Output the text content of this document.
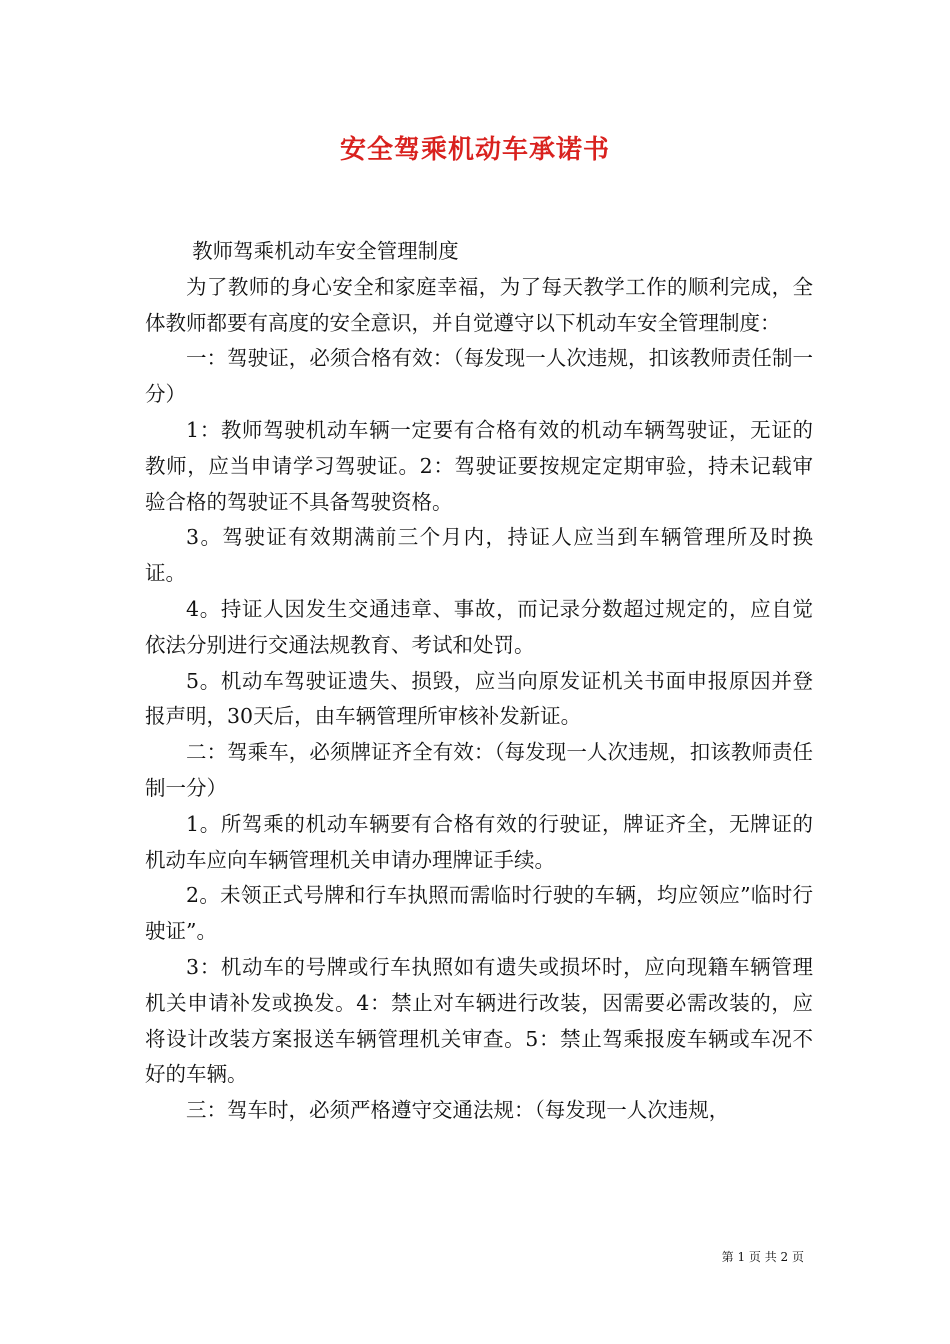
安全驾乘机动车承诺书

教师驾乘机动车安全管理制度

为了教师的身心安全和家庭幸福，为了每天教学工作的顺利完成，全体教师都要有高度的安全意识，并自觉遵守以下机动车安全管理制度：

一：驾驶证，必须合格有效：（每发现一人次违规，扣该教师责任制一分）

1：教师驾驶机动车辆一定要有合格有效的机动车辆驾驶证，无证的教师，应当申请学习驾驶证。2：驾驶证要按规定定期审验，持未记载审验合格的驾驶证不具备驾驶资格。

3。驾驶证有效期满前三个月内，持证人应当到车辆管理所及时换证。

4。持证人因发生交通违章、事故，而记录分数超过规定的，应自觉依法分别进行交通法规教育、考试和处罚。

5。机动车驾驶证遗失、损毁，应当向原发证机关书面申报原因并登报声明，30天后，由车辆管理所审核补发新证。

二：驾乘车，必须牌证齐全有效：（每发现一人次违规，扣该教师责任制一分）

1。所驾乘的机动车辆要有合格有效的行驶证，牌证齐全，无牌证的机动车应向车辆管理机关申请办理牌证手续。

2。未领正式号牌和行车执照而需临时行驶的车辆，均应领应”临时行驶证”。

3：机动车的号牌或行车执照如有遗失或损坏时，应向现籍车辆管理机关申请补发或换发。4：禁止对车辆进行改装，因需要必需改装的，应将设计改装方案报送车辆管理机关审查。5：禁止驾乘报废车辆或车况不好的车辆。

三：驾车时，必须严格遵守交通法规：（每发现一人次违规，

第 1 页 共 2 页
